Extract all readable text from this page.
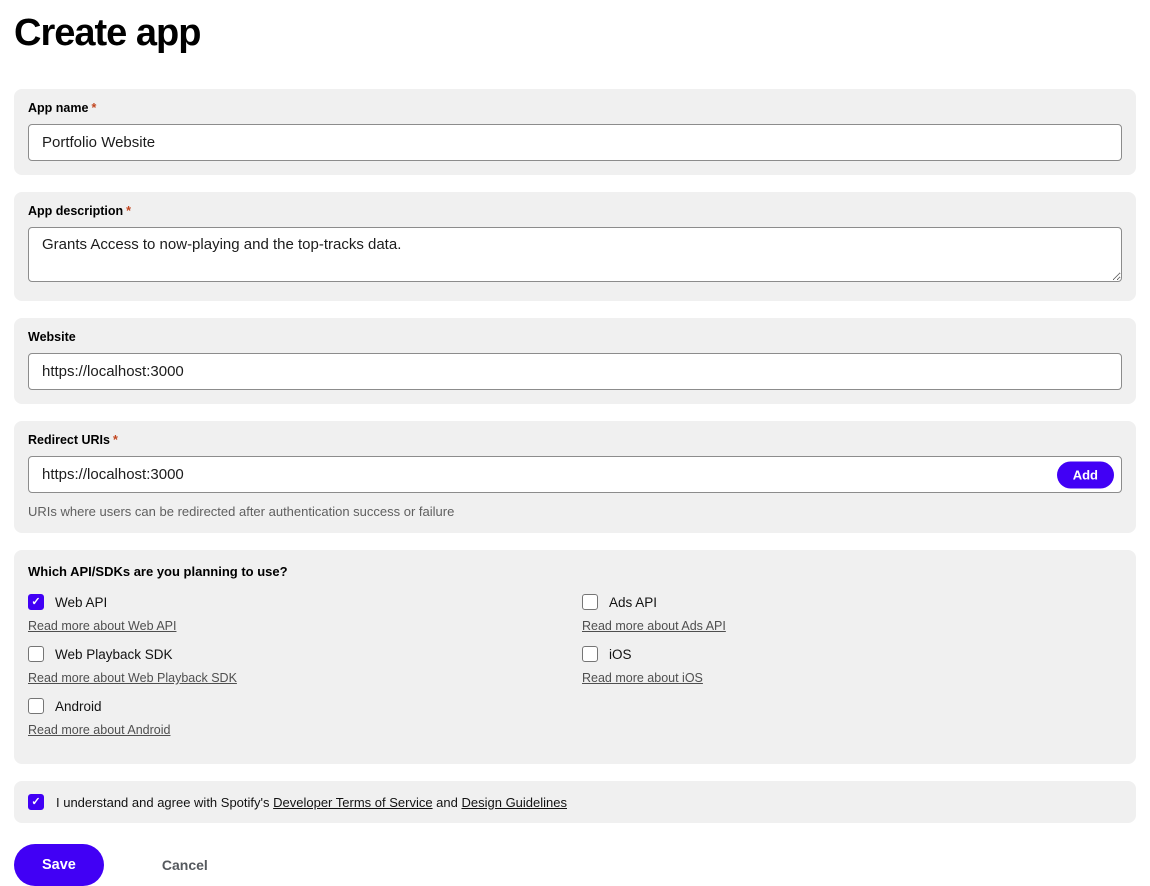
Create app
App name *
Portfolio Website
App description *
Grants Access to now-playing and the top-tracks data.
Website
https://localhost:3000
Redirect URIs *
https://localhost:3000
Add
URIs where users can be redirected after authentication success or failure
Which API/SDKs are you planning to use?
✓ Web API
Read more about Web API
Ads API
Read more about Ads API
Web Playback SDK
Read more about Web Playback SDK
iOS
Read more about iOS
Android
Read more about Android
✓ I understand and agree with Spotify's Developer Terms of Service and Design Guidelines
Save	Cancel
